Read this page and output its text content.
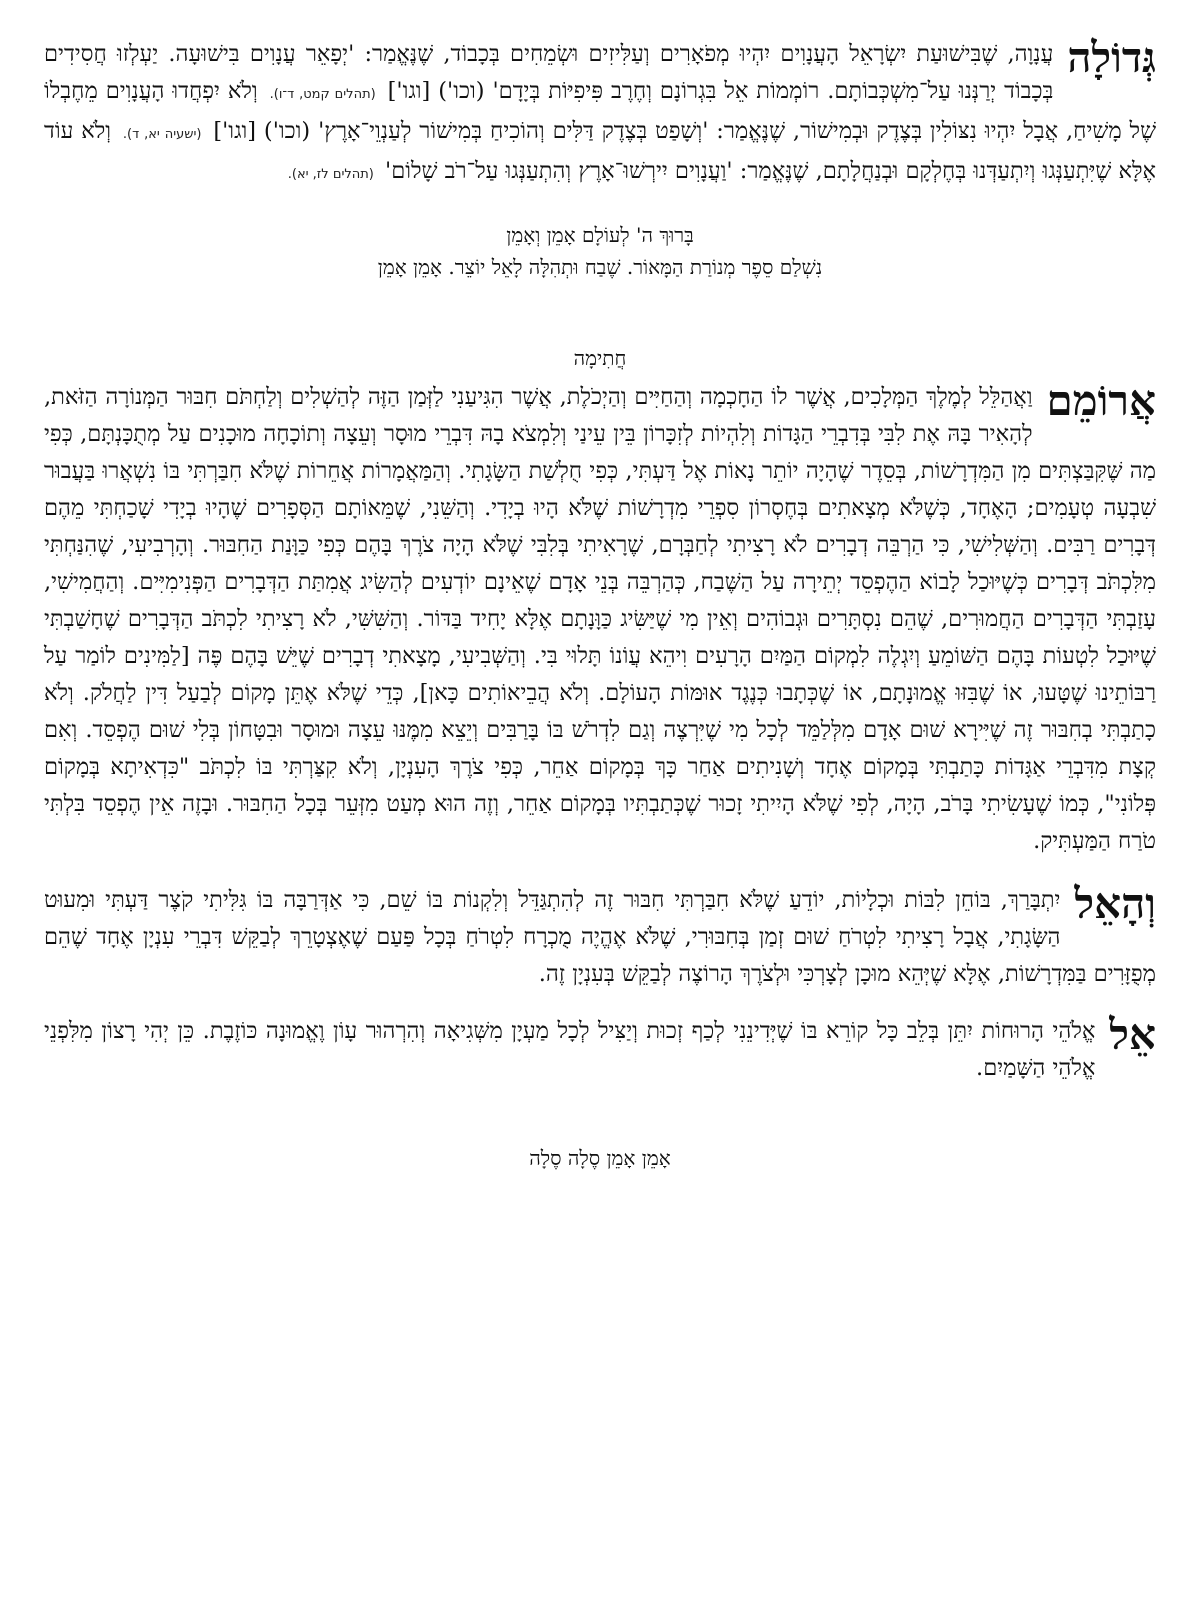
גְּדוֹלָה
עֲנָוָה, שֶׁבִּישׁוּעַת יִשְׂרָאֵל הָעֲנָוִים יִהְיוּ מְפֹאָרִים וְעַלִּיזִים וּשְׂמֵחִים בְּכָבוֹד, שֶׁנֶּאֱמַר: 'יְפָאֵר עֲנָוִים בִּישׁוּעָה. יַעְלְזוּ חֲסִידִים בְּכָבוֹד יְרַנְּנוּ עַל־מִשְׁכְּבוֹתָם. רוֹמְמוֹת אֵל בִּגְרוֹנָם וְחֶרֶב פִּיפִיּוֹת בְּיָדָם' (וכו') [וגו'] (תהלים קמט, ד־ו). וְלֹא יִפְחֲדוּ הָעֲנָוִים מֵחֶבְלוֹ שֶׁל מָשִׁיחַ, אֲבָל יִהְיוּ נִצּוֹלִין בְּצֶדֶק וּבְמִישׁוֹר, שֶׁנֶּאֱמַר: 'וְשָׁפַט בְּצֶדֶק דַּלִּים וְהוֹכִיחַ בְּמִישׁוֹר לְעַנְוֵי־אָרֶץ' (וכו') [וגו'] (ישעיה יא, ד). וְלֹא עוֹד אֶלָּא שֶׁיִּתְעַנְּגוּ וְיִתְעַדְּנוּ בְּחֶלְקָם וּבְנַחֲלָתָם, שֶׁנֶּאֱמַר: 'וַעֲנָוִים יִירְשׁוּ־אָרֶץ וְהִתְעַנְּגוּ עַל־רֹב שָׁלוֹם' (תהלים לז, יא).

בָּרוּךְ ה' לְעוֹלָם אָמֵן וְאָמֵן

נִשְׁלַם סֵפֶר מְנוֹרַת הַמָּאוֹר. שֶׁבַח וּתְהִלָּה לָאֵל יוֹצֵר. אָמֵן אָמֵן

חֲתִימָה

אֲרוֹמֵם
וַאֲהַלֵּל לְמֶלֶךְ הַמְּלָכִים, אֲשֶׁר לוֹ הַחָכְמָה וְהַחַיִּים וְהַיְכֹלֶת, אֲשֶׁר הִגִּיעַנִי לַזְּמַן הַזֶּה לְהַשְׁלִים וְלַחְתֹּם חִבּוּר הַמְּנוֹרָה הַזֹּאת, לְהָאִיר בָּהּ אֶת לִבִּי בְּדִבְרֵי הַגָּדוֹת וְלִהְיוֹת לְזִכָּרוֹן בֵּין עֵינַי וְלִמְצֹא בָהּ דִּבְרֵי מוּסָר וְעֵצָה וְתוֹכָחָה מוּכָנִים עַל מְתֻכָּנְתָּם, כְּפִי מַה שֶּׁקִּבַּצְתִּים מִן הַמִּדְרָשׁוֹת, בְּסֵדֶר שֶׁהָיָה יוֹתֵר נָאוֹת אֶל דַּעְתִּי, כְּפִי חֻלְשַׁת הַשָּׂגָתִי. וְהַמַּאֲמָרוֹת אֲחֵרוֹת שֶׁלֹּא חִבַּרְתִּי בּוֹ נִשְׁאֲרוּ בַּעֲבוּר שִׁבְעָה טְעָמִים; הָאֶחָד, כְּשֶׁלֹּא מְצָאתִים בְּחֶסְרוֹן סִפְרֵי מִדְרָשׁוֹת שֶׁלֹּא הָיוּ בְיָדִי. וְהַשֵּׁנִי, שֶׁמֵּאוֹתָם הַסְּפָרִים שֶׁהָיוּ בְיָדִי שָׁכַחְתִּי מֵהֶם דְּבָרִים רַבִּים. וְהַשְּׁלִישִׁי, כִּי הַרְבֵּה דְבָרִים לֹא רָצִיתִי לְחַבְּרָם, שֶׁרָאִיתִי בְּלִבִּי שֶׁלֹּא הָיָה צֹרֶךְ בָּהֶם כְּפִי כַּוָּנַת הַחִבּוּר. וְהָרְבִיעִי, שֶׁהִנַּחְתִּי מִלִּכְתֹּב דְּבָרִים כְּשֶׁיּוּכַל לָבוֹא הַהֶפְסֵד יְתֵירָה עַל הַשֶּׁבַח, כְּהַרְבֵּה בְּנֵי אָדָם שֶׁאֵינָם יוֹדְעִים לְהַשִּׂיג אֲמִתַּת הַדְּבָרִים הַפְּנִימִיִּים. וְהַחֲמִישִׁי, עָזַבְתִּי הַדְּבָרִים הַחֲמוּרִים, שֶׁהֵם נִסְתָּרִים וּגְבוֹהִים וְאֵין מִי שֶׁיַּשִּׂיג כַּוָּנָתָם אֶלָּא יָחִיד בַּדּוֹר. וְהַשִּׁשִּׁי, לֹא רָצִיתִי לִכְתֹּב הַדְּבָרִים שֶׁחָשַׁבְתִּי שֶׁיּוּכַל לִטְעוֹת בָּהֶם הַשּׁוֹמֵעַ וְיִגְלֶה לִמְקוֹם הַמַּיִם הָרָעִים וִיהֵא עֲוֹנוֹ תָּלוּי בִּי. וְהַשְּׁבִיעִי, מָצָאתִי דְבָרִים שֶׁיֵּשׁ בָּהֶם פֶּה [לַמִּינִים לוֹמַר עַל רַבּוֹתֵינוּ שֶׁטָּעוּ, אוֹ שֶׁבִּזּוּ אֱמוּנָתָם, אוֹ שֶׁכְּתָבוּ כְּנֶגֶד אוּמּוֹת הָעוֹלָם. וְלֹא הֲבֵיאוֹתִים כָּאן], כְּדֵי שֶׁלֹּא אֶתֵּן מָקוֹם לְבַעַל דִּין לַחֲלֹק. וְלֹא כָתַבְתִּי בְחִבּוּר זֶה שֶׁיִּירָא שׁוּם אָדָם מִלְּלַמֵּד לְכָל מִי שֶׁיִּרְצֶה וְגַם לִדְרֹשׁ בּוֹ בָּרַבִּים וְיֵצֵא מִמֶּנּוּ עֵצָה וּמוּסָר וּבִטָּחוֹן בְּלִי שׁוּם הֶפְסֵד. וְאִם קְצָת מִדִּבְרֵי אַגָּדוֹת כָּתַבְתִּי בְּמָקוֹם אֶחָד וְשָׁנִיתִים אַחַר כָּךְ בְּמָקוֹם אַחֵר, כְּפִי צֹרֶךְ הָעִנְיָן, וְלֹא קִצַּרְתִּי בּוֹ לִכְתֹּב "כִּדְאִיתָא בְּמָקוֹם פְּלוֹנִי", כְּמוֹ שֶׁעָשִׂיתִי בָּרֹב, הָיָה, לְפִי שֶׁלֹּא הָיִיתִי זָכוּר שֶׁכְּתַבְתִּיו בְּמָקוֹם אַחֵר, וְזֶה הוּא מְעַט מִזְּעֵר בְּכָל הַחִבּוּר. וּבָזֶה אֵין הֶפְסֵד בִּלְתִּי טֹרַח הַמַּעְתִּיק.

וְהָאֵל
יִתְבָּרַךְ, בּוֹחֵן לִבּוֹת וּכְלָיוֹת, יוֹדֵעַ שֶׁלֹּא חִבַּרְתִּי חִבּוּר זֶה לְהִתְגַּדֵּל וְלִקְנוֹת בּוֹ שֵׁם, כִּי אַדְּרַבָּה בּוֹ גִּלִּיתִי קֹצֶר דַּעְתִּי וּמִעוּט הַשָּׂגָתִי, אֲבָל רָצִיתִי לִטְרֹחַ שׁוּם זְמַן בְּחִבּוּרִי, שֶׁלֹּא אֶהֱיֶה מֻכְרָח לִטְרֹחַ בְּכָל פַּעַם שֶׁאֶצְטָרֵךְ לְבַקֵּשׁ דִּבְרֵי עִנְיָן אֶחָד שֶׁהֵם מְפֻזָּרִים בַּמִּדְרָשׁוֹת, אֶלָּא שֶׁיְּהֵא מוּכָן לְצָרְכִּי וּלְצֹרֶךְ הָרוֹצֶה לְבַקֵּשׁ בְּעִנְיָן זֶה.

אֵל
אֱלֹהֵי הָרוּחוֹת יִתֵּן בְּלֵב כָּל קוֹרֵא בּוֹ שֶׁיְּדִינֵנִי לְכַף זְכוּת וְיַצִּיל לְכָל מַעְיָן מִשְּׁגִיאָה וְהִרְהוּר עָוֹן וֶאֱמוּנָה כּוֹזֶבֶת. כֵּן יְהִי רָצוֹן מִלִּפְנֵי אֱלֹהֵי הַשָּׁמַיִם.

אָמֵן אָמֵן סֶלָה סֶלָה
